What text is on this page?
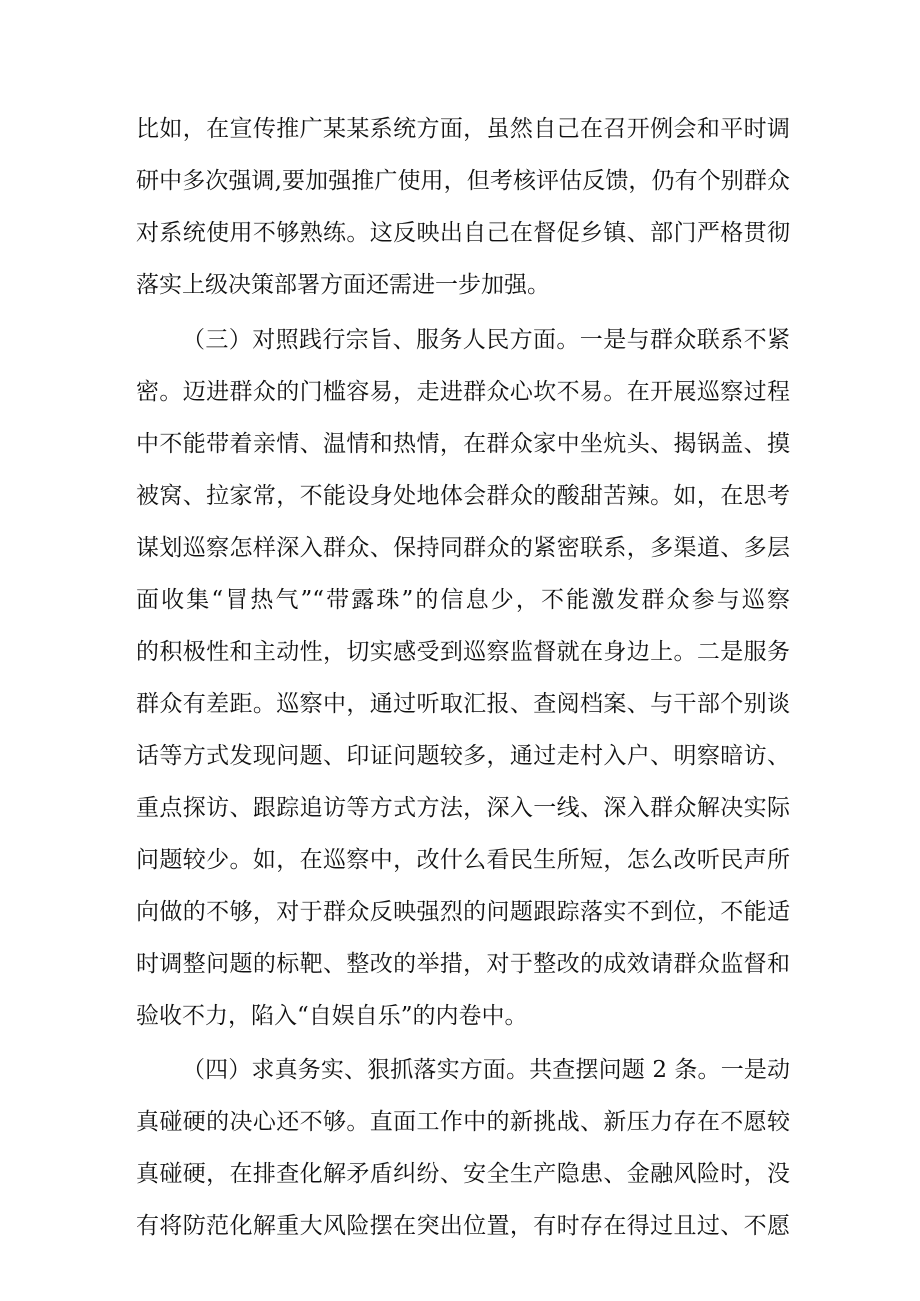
比如，在宣传推广某某系统方面，虽然自己在召开例会和平时调
研中多次强调,要加强推广使用，但考核评估反馈，仍有个别群众
对系统使用不够熟练。这反映出自己在督促乡镇、部门严格贯彻
落实上级决策部署方面还需进一步加强。
（三）对照践行宗旨、服务人民方面。一是与群众联系不紧
密。迈进群众的门槛容易，走进群众心坎不易。在开展巡察过程
中不能带着亲情、温情和热情，在群众家中坐炕头、揭锅盖、摸
被窝、拉家常，不能设身处地体会群众的酸甜苦辣。如，在思考
谋划巡察怎样深入群众、保持同群众的紧密联系，多渠道、多层
面收集“冒热气”“带露珠”的信息少，不能激发群众参与巡察
的积极性和主动性，切实感受到巡察监督就在身边上。二是服务
群众有差距。巡察中，通过听取汇报、查阅档案、与干部个别谈
话等方式发现问题、印证问题较多，通过走村入户、明察暗访、
重点探访、跟踪追访等方式方法，深入一线、深入群众解决实际
问题较少。如，在巡察中，改什么看民生所短，怎么改听民声所
向做的不够，对于群众反映强烈的问题跟踪落实不到位，不能适
时调整问题的标靶、整改的举措，对于整改的成效请群众监督和
验收不力，陷入“自娱自乐”的内卷中。
（四）求真务实、狠抓落实方面。共查摆问题 2 条。一是动
真碰硬的决心还不够。直面工作中的新挑战、新压力存在不愿较
真碰硬，在排查化解矛盾纠纷、安全生产隐患、金融风险时，没
有将防范化解重大风险摆在突出位置，有时存在得过且过、不愿
